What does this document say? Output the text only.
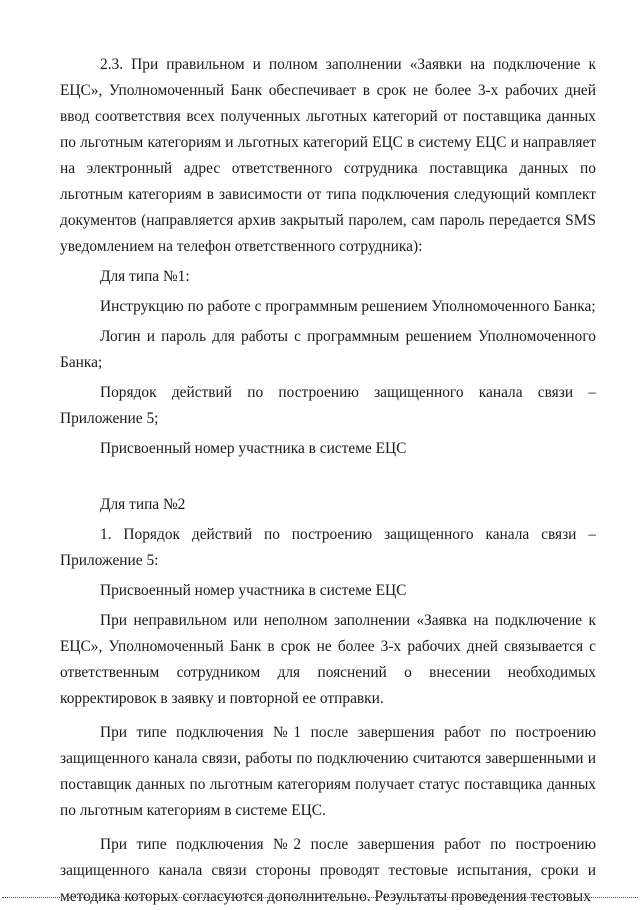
2.3. При правильном и полном заполнении «Заявки на подключение к ЕЦС», Уполномоченный Банк обеспечивает в срок не более 3-х рабочих дней ввод соответствия всех полученных льготных категорий от поставщика данных по льготным категориям и льготных категорий ЕЦС в систему ЕЦС и направляет на электронный адрес ответственного сотрудника поставщика данных по льготным категориям в зависимости от типа подключения следующий комплект документов (направляется архив закрытый паролем, сам пароль передается SMS уведомлением на телефон ответственного сотрудника):

Для типа №1:

Инструкцию по работе с программным решением Уполномоченного Банка;

Логин и пароль для работы с программным решением Уполномоченного Банка;

Порядок действий по построению защищенного канала связи – Приложение 5;

Присвоенный номер участника в системе ЕЦС

Для типа №2

1. Порядок действий по построению защищенного канала связи – Приложение 5:

Присвоенный номер участника в системе ЕЦС

При неправильном или неполном заполнении «Заявка на подключение к ЕЦС», Уполномоченный Банк в срок не более 3-х рабочих дней связывается с ответственным сотрудником для пояснений о внесении необходимых корректировок в заявку и повторной ее отправки.

При типе подключения №1 после завершения работ по построению защищенного канала связи, работы по подключению считаются завершенными и поставщик данных по льготным категориям получает статус поставщика данных по льготным категориям в системе ЕЦС.

При типе подключения №2 после завершения работ по построению защищенного канала связи стороны проводят тестовые испытания, сроки и методика которых согласуются дополнительно. Результаты проведения тестовых
